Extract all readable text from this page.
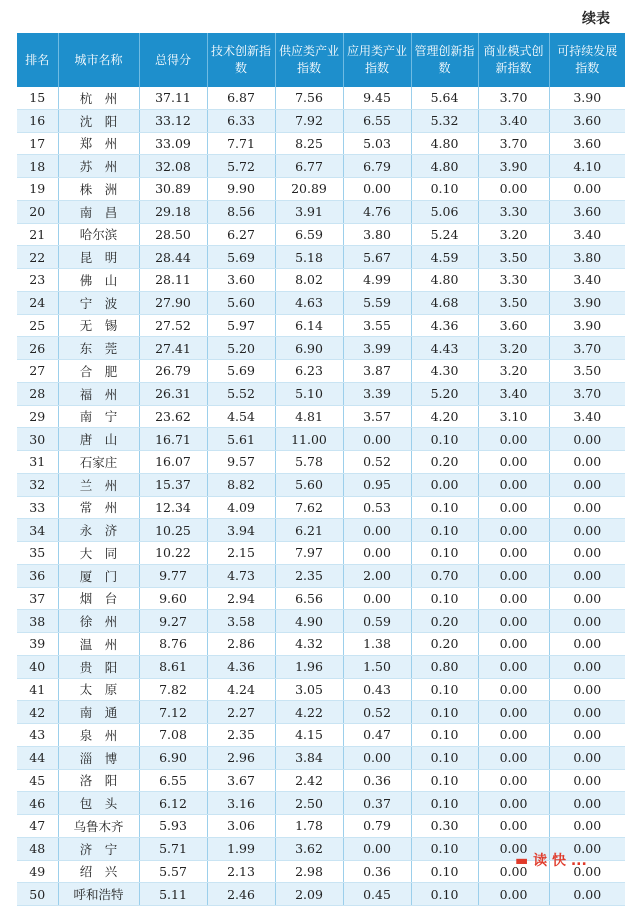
续表
排名	城市名称	总得分	技术创新指数	供应类产业指数	应用类产业指数	管理创新指数	商业模式创新指数	可持续发展指数
15	杭　州	37.11	6.87	7.56	9.45	5.64	3.70	3.90
16	沈　阳	33.12	6.33	7.92	6.55	5.32	3.40	3.60
17	郑　州	33.09	7.71	8.25	5.03	4.80	3.70	3.60
18	苏　州	32.08	5.72	6.77	6.79	4.80	3.90	4.10
19	株　洲	30.89	9.90	20.89	0.00	0.10	0.00	0.00
20	南　昌	29.18	8.56	3.91	4.76	5.06	3.30	3.60
21	哈尔滨	28.50	6.27	6.59	3.80	5.24	3.20	3.40
22	昆　明	28.44	5.69	5.18	5.67	4.59	3.50	3.80
23	佛　山	28.11	3.60	8.02	4.99	4.80	3.30	3.40
24	宁　波	27.90	5.60	4.63	5.59	4.68	3.50	3.90
25	无　锡	27.52	5.97	6.14	3.55	4.36	3.60	3.90
26	东　莞	27.41	5.20	6.90	3.99	4.43	3.20	3.70
27	合　肥	26.79	5.69	6.23	3.87	4.30	3.20	3.50
28	福　州	26.31	5.52	5.10	3.39	5.20	3.40	3.70
29	南　宁	23.62	4.54	4.81	3.57	4.20	3.10	3.40
30	唐　山	16.71	5.61	11.00	0.00	0.10	0.00	0.00
31	石家庄	16.07	9.57	5.78	0.52	0.20	0.00	0.00
32	兰　州	15.37	8.82	5.60	0.95	0.00	0.00	0.00
33	常　州	12.34	4.09	7.62	0.53	0.10	0.00	0.00
34	永　济	10.25	3.94	6.21	0.00	0.10	0.00	0.00
35	大　同	10.22	2.15	7.97	0.00	0.10	0.00	0.00
36	厦　门	9.77	4.73	2.35	2.00	0.70	0.00	0.00
37	烟　台	9.60	2.94	6.56	0.00	0.10	0.00	0.00
38	徐　州	9.27	3.58	4.90	0.59	0.20	0.00	0.00
39	温　州	8.76	2.86	4.32	1.38	0.20	0.00	0.00
40	贵　阳	8.61	4.36	1.96	1.50	0.80	0.00	0.00
41	太　原	7.82	4.24	3.05	0.43	0.10	0.00	0.00
42	南　通	7.12	2.27	4.22	0.52	0.10	0.00	0.00
43	泉　州	7.08	2.35	4.15	0.47	0.10	0.00	0.00
44	淄　博	6.90	2.96	3.84	0.00	0.10	0.00	0.00
45	洛　阳	6.55	3.67	2.42	0.36	0.10	0.00	0.00
46	包　头	6.12	3.16	2.50	0.37	0.10	0.00	0.00
47	乌鲁木齐	5.93	3.06	1.78	0.79	0.30	0.00	0.00
48	济　宁	5.71	1.99	3.62	0.00	0.10	0.00	0.00
49	绍　兴	5.57	2.13	2.98	0.36	0.10	0.00	0.00
50	呼和浩特	5.11	2.46	2.09	0.45	0.10	0.00	0.00
▬ 读 快 ...
